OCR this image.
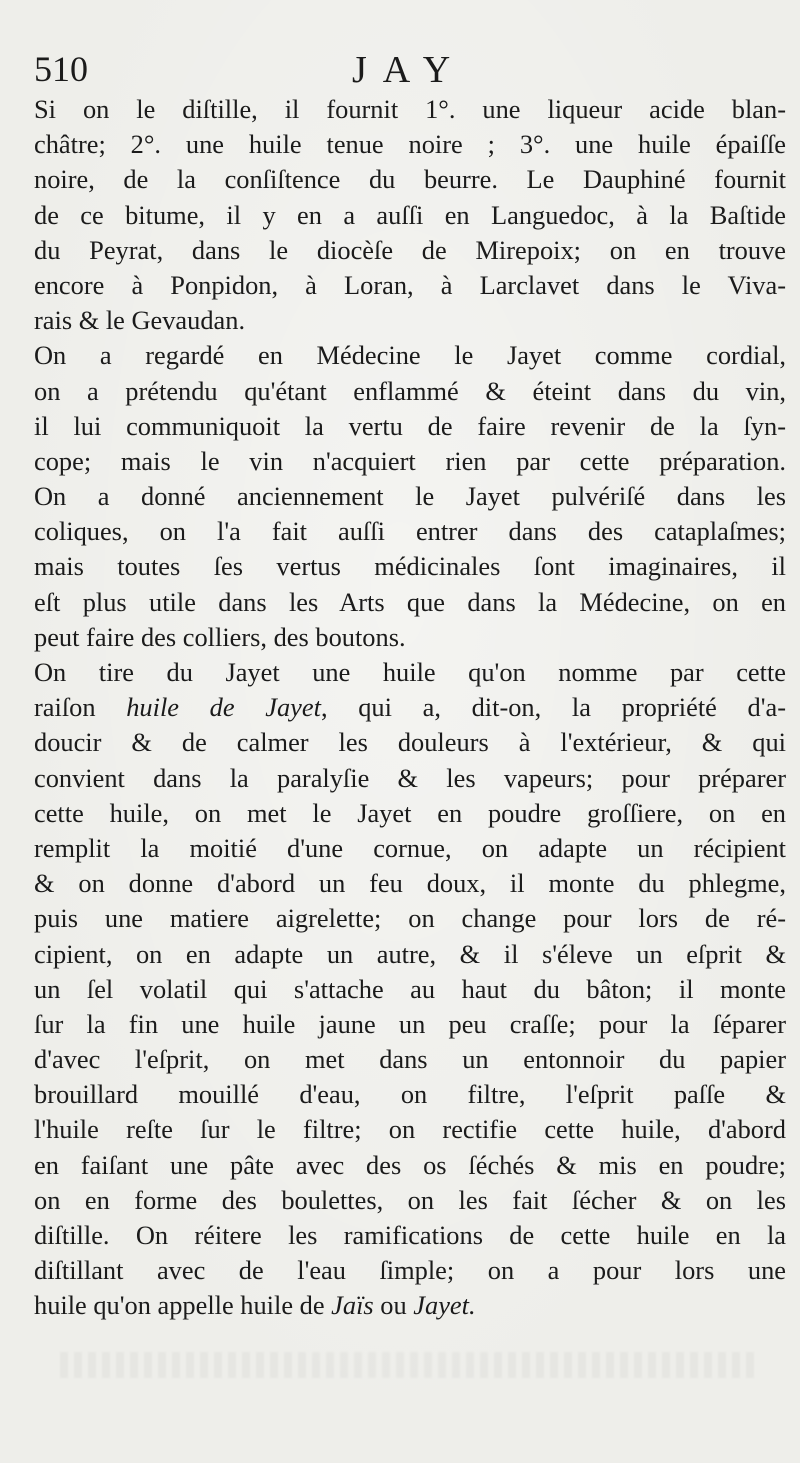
510	JAY
Si on le diſtille, il fournit 1°. une liqueur acide blan-
châtre; 2°. une huile tenue noire ; 3°. une huile épaiſſe
noire, de la conſiſtence du beurre. Le Dauphiné fournit
de ce bitume, il y en a auſſi en Languedoc, à la Baſtide
du Peyrat, dans le diocèſe de Mirepoix; on en trouve
encore à Ponpidon, à Loran, à Larclavet dans le Viva-
rais & le Gevaudan.
On a regardé en Médecine le Jayet comme cordial,
on a prétendu qu'étant enflammé & éteint dans du vin,
il lui communiquoit la vertu de faire revenir de la ſyn-
cope; mais le vin n'acquiert rien par cette préparation.
On a donné anciennement le Jayet pulvériſé dans les
coliques, on l'a fait auſſi entrer dans des cataplaſmes;
mais toutes ſes vertus médicinales ſont imaginaires, il
eſt plus utile dans les Arts que dans la Médecine, on en
peut faire des colliers, des boutons.
On tire du Jayet une huile qu'on nomme par cette
raiſon huile de Jayet, qui a, dit-on, la propriété d'a-
doucir & de calmer les douleurs à l'extérieur, & qui
convient dans la paralyſie & les vapeurs; pour préparer
cette huile, on met le Jayet en poudre groſſiere, on en
remplit la moitié d'une cornue, on adapte un récipient
& on donne d'abord un feu doux, il monte du phlegme,
puis une matiere aigrelette; on change pour lors de ré-
cipient, on en adapte un autre, & il s'éleve un eſprit &
un ſel volatil qui s'attache au haut du bâton; il monte
ſur la fin une huile jaune un peu craſſe; pour la ſéparer
d'avec l'eſprit, on met dans un entonnoir du papier
brouillard mouillé d'eau, on filtre, l'eſprit paſſe &
l'huile reſte ſur le filtre; on rectifie cette huile, d'abord
en faiſant une pâte avec des os ſéchés & mis en poudre;
on en forme des boulettes, on les fait ſécher & on les
diſtille. On réitere les ramifications de cette huile en la
diſtillant avec de l'eau ſimple; on a pour lors une
huile qu'on appelle huile de Jaïs ou Jayet.
